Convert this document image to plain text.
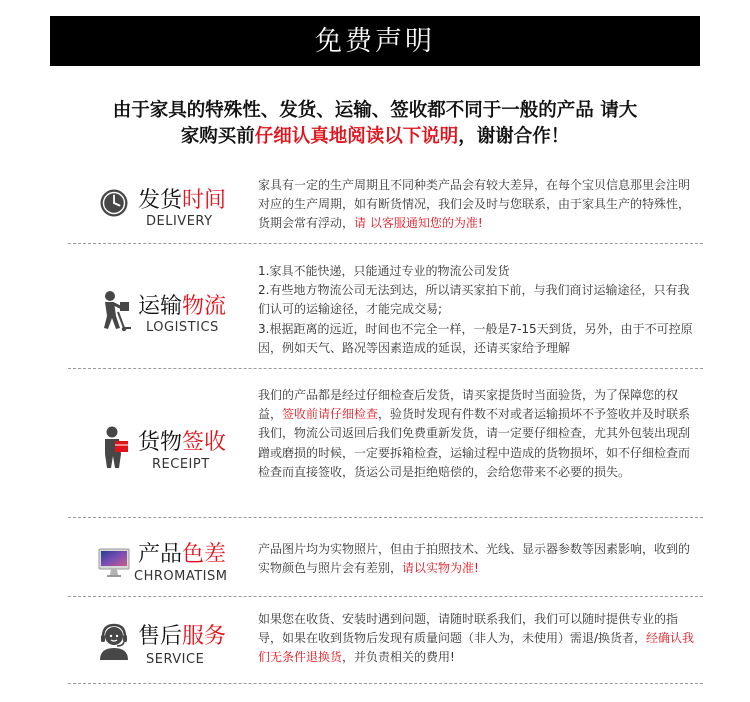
免费声明
由于家具的特殊性、发货、运输、签收都不同于一般的产品 请大
家购买前仔细认真地阅读以下说明，谢谢合作！
发货时间
DELIVERY
家具有一定的生产周期且不同种类产品会有较大差异，在每个宝贝信息那里会注明对应的生产周期，如有断货情况，我们会及时与您联系，由于家具生产的特殊性，货期会常有浮动，请 以客服通知您的为准!
运输物流
LOGISTICS

1.家具不能快递，只能通过专业的物流公司发货

2.有些地方物流公司无法到达，所以请买家拍下前，与我们商讨运输途径，只有我们认可的运输途径，才能完成交易;

3.根据距离的远近，时间也不完全一样，一般是7-15天到货，另外，由于不可控原因，例如天气、路况等因素造成的延误，还请买家给予理解

货物签收
RECEIPT
我们的产品都是经过仔细检查后发货，请买家提货时当面验货，为了保障您的权益，签收前请仔细检查，验货时发现有件数不对或者运输损坏不予签收并及时联系我们，物流公司返回后我们免费重新发货，请一定要仔细检查，尤其外包装出现刮蹭或磨损的时候，一定要拆箱检查，运输过程中造成的货物损坏，如不仔细检查而检查而直接签收，货运公司是拒绝赔偿的，会给您带来不必要的损失。
产品色差
CHROMATISM
产品图片均为实物照片，但由于拍照技术、光线、显示器参数等因素影响，收到的实物颜色与照片会有差别，请以实物为准!
售后服务
SERVICE
如果您在收货、安装时遇到问题，请随时联系我们，我们可以随时提供专业的指导，如果在收到货物后发现有质量问题（非人为，未使用）需退/换货者，经确认我们无条件退换货，并负责相关的费用!
